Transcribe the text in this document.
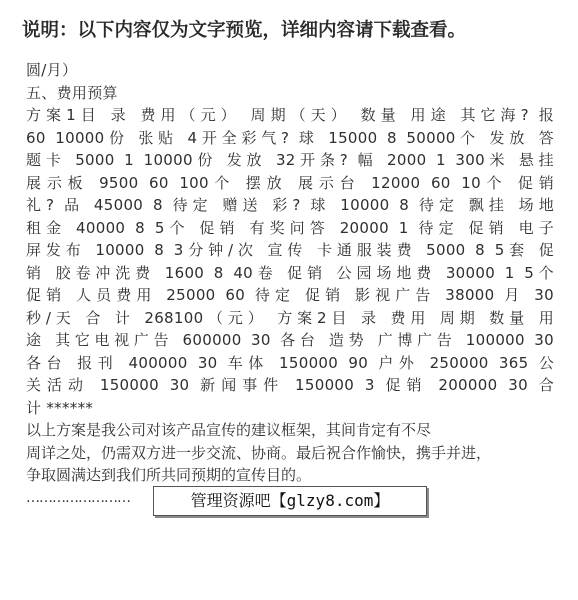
说明：以下内容仅为文字预览，详细内容请下载查看。
圆/月）
五、费用预算
方案1目 录 费用（元） 周期（天） 数量 用途 其它海? 报
60 10000份 张贴 4开全彩气? 球 15000 8 50000个 发放 答
题卡 5000 1 10000份 发放 32开条? 幅 2000 1 300米 悬挂
展示板 9500 60 100个 摆放 展示台 12000 60 10个 促销
礼? 品 45000 8 待定 赠送 彩? 球 10000 8 待定 飘挂 场地
租金 40000 8 5个 促销 有奖问答 20000 1 待定 促销 电子
屏发布 10000 8 3分钟/次 宣传 卡通服装费 5000 8 5套 促
销 胶卷冲洗费 1600 8 40卷 促销 公园场地费 30000 1 5个
促销 人员费用 25000 60 待定 促销 影视广告 38000 月 30
秒/天 合 计 268100（元） 方案2目 录 费用 周期 数量 用
途 其它电视广告 600000 30 各台 造势 广博广告 100000 30
各台 报刊 400000 30 车体 150000 90 户外 250000 365 公
关活动 150000 30 新闻事件 150000 3 促销 200000 30 合
计 ******
以上方案是我公司对该产品宣传的建议框架，其间肯定有不尽
周详之处，仍需双方进一步交流、协商。最后祝合作愉快，携手并进，
争取圆满达到我们所共同预期的宣传目的。
……………………	管理资源吧【glzy8.com】
